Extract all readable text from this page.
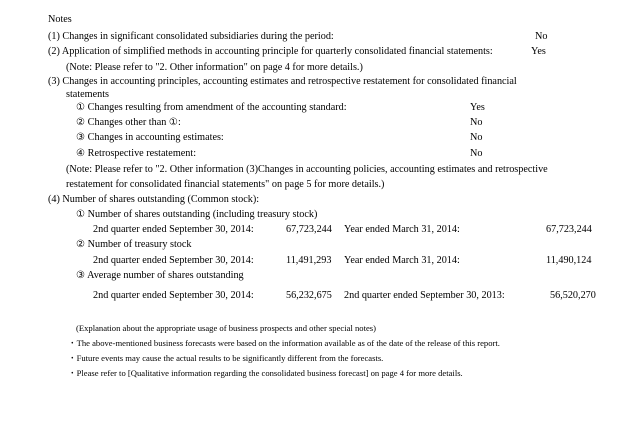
Notes
(1) Changes in significant consolidated subsidiaries during the period:	No
(2) Application of simplified methods in accounting principle for quarterly consolidated financial statements:	Yes
(Note: Please refer to "2. Other information" on page 4 for more details.)
(3) Changes in accounting principles, accounting estimates and retrospective restatement for consolidated financial
statements
① Changes resulting from amendment of the accounting standard:	Yes
② Changes other than ①:	No
③ Changes in accounting estimates:	No
④ Retrospective restatement:	No
(Note: Please refer to "2. Other information (3)Changes in accounting policies, accounting estimates and retrospective
restatement for consolidated financial statements" on page 5 for more details.)
(4) Number of shares outstanding (Common stock):
① Number of shares outstanding (including treasury stock)
2nd quarter ended September 30, 2014:	67,723,244 Year ended March 31, 2014:	67,723,244
② Number of treasury stock
2nd quarter ended September 30, 2014:	11,491,293 Year ended March 31, 2014:	11,490,124
③ Average number of shares outstanding
2nd quarter ended September 30, 2014:	56,232,675 2nd quarter ended September 30, 2013:	56,520,270
(Explanation about the appropriate usage of business prospects and other special notes)
・The above-mentioned business forecasts were based on the information available as of the date of the release of this report.
・Future events may cause the actual results to be significantly different from the forecasts.
・Please refer to [Qualitative information regarding the consolidated business forecast] on page 4 for more details.
